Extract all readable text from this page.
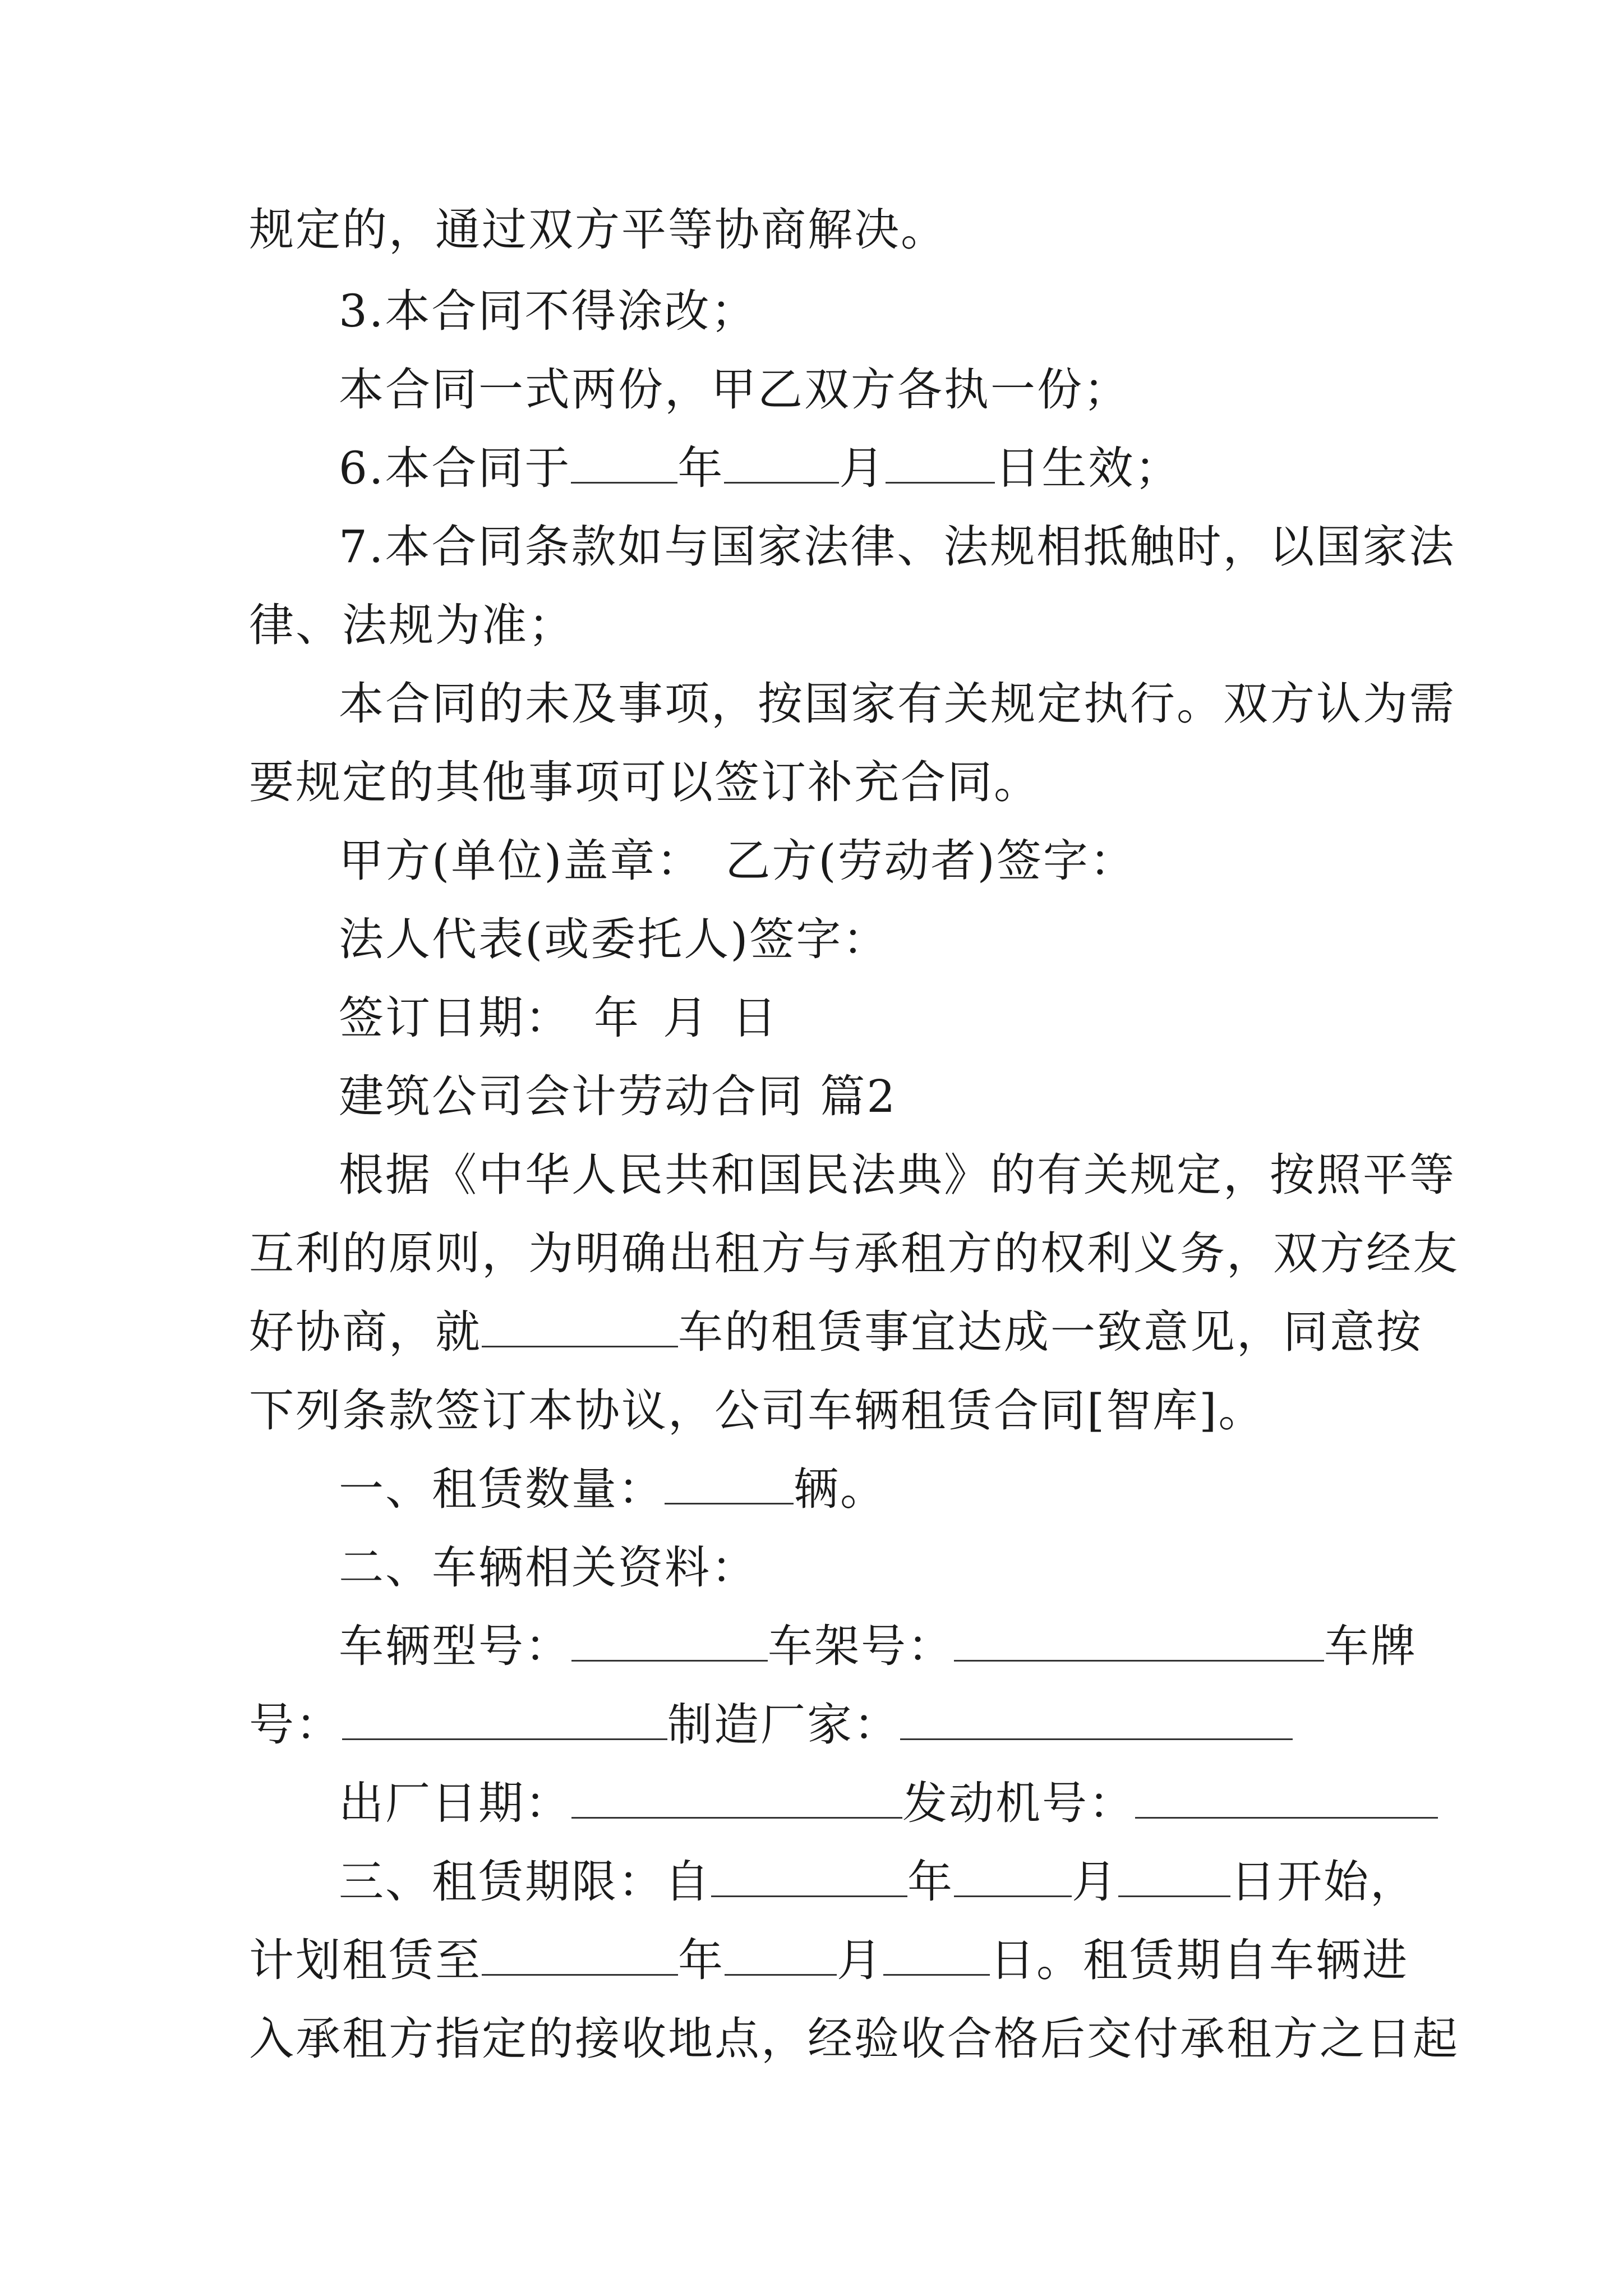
规定的，通过双方平等协商解决。
3.本合同不得涂改；
本合同一式两份，甲乙双方各执一份；
6.本合同于 年	月 日生效；
7.本合同条款如与国家法律、法规相抵触时，以国家法
律、法规为准；
本合同的未及事项，按国家有关规定执行。双方认为需
要规定的其他事项可以签订补充合同。
甲方(单位)盖章： 乙方(劳动者)签字：
法人代表(或委托人)签字：
签订日期： 年 月 日
建筑公司会计劳动合同 篇2
根据《中华人民共和国民法典》的有关规定，按照平等
互利的原则，为明确出租方与承租方的权利义务，双方经友
好协商，就	车的租赁事宜达成一致意见，同意按
下列条款签订本协议，公司车辆租赁合同[智库]。
一、租赁数量：	辆。
二、车辆相关资料：
车辆型号：	车架号：	车牌
号：	制造厂家：
出厂日期：	发动机号：
三、租赁期限：自	年	月	日开始，
计划租赁至	年	月 日。租赁期自车辆进
入承租方指定的接收地点，经验收合格后交付承租方之日起
